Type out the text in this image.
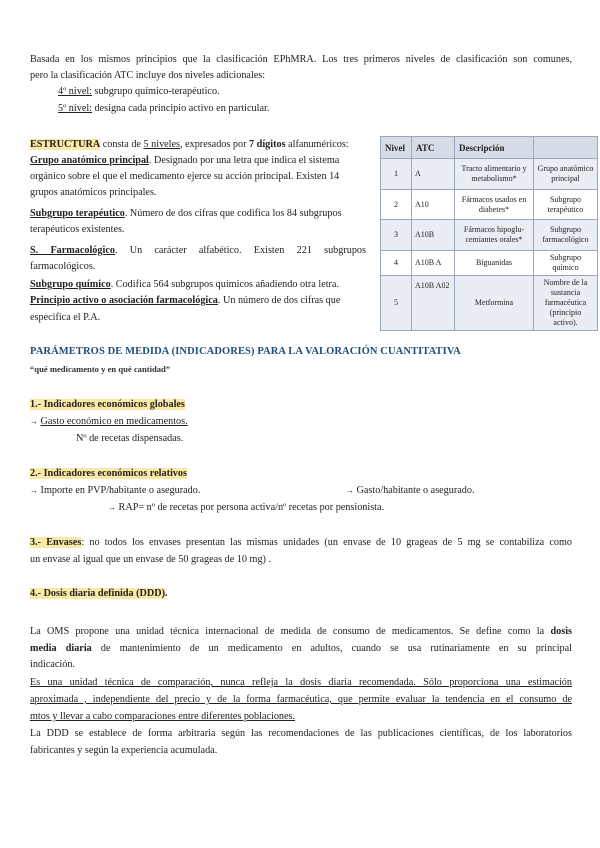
Basada en los mismos principios que la clasificación EPhMRA. Los tres primeros niveles de clasificación son comunes,
pero la clasificación ATC incluye dos niveles adicionales:
4º nivel: subgrupo químico-terapéutico.
5º nivel: designa cada principio activo en particular.
ESTRUCTURA consta de 5 niveles, expresados por 7 dígitos alfanuméricos:
Grupo anatómico principal. Designado por una letra que indica el sistema
orgánico sobre el que el medicamento ejerce su acción principal. Existen 14
grupos anatómicos principales.
Subgrupo terapéutico. Número de dos cifras que codifica los 84 subgrupos
terapéuticos existentes.
S. Farmacológico. Un carácter alfabético. Existen 221 subgrupos
farmacológicos.
Subgrupo químico. Codifica 564 subgrupos químicos añadiendo otra letra.
Principio activo o asociación farmacológica. Un número de dos cifras que
especifica el P.A.
Nivel	ATC	Descripción	
1	A	Tracto alimentario y metabolismo*	Grupo anatómico principal
2	A10	Fármacos usados en diabetes*	Subgrupo terapéutico
3	A10B	Fármacos hipoglu-cemiantes orales*	Subgrupo farmacológico
4	A10B A	Biguanidas	Subgrupo químico
5	A10B A02	Metformina	Nombre de la sustancia farmacéutica (principio activo).
PARÁMETROS DE MEDIDA (INDICADORES) PARA LA VALORACIÓN CUANTITATIVA
“qué medicamento y en qué cantidad”
1.- Indicadores económicos globales
→ Gasto económico en medicamentos.
Nº de recetas dispensadas.
2.- Indicadores económicos relativos
→ Importe en PVP/habitante o asegurado.	→ Gasto/habitante o asegurado.
→ RAP= nº de recetas por persona activa/nº recetas por pensionista.
3.- Envases: no todos los envases presentan las mismas unidades (un envase de 10 grageas de 5 mg se contabiliza como
un envase al igual que un envase de 50 grageas de 10 mg) .
4.- Dosis diaria definida (DDD).
La OMS propone una unidad técnica internacional de medida de consumo de medicamentos. Se define como la dosis
media diaria de mantenimiento de un medicamento en adultos, cuando se usa rutinariamente en su principal
indicación.
Es una unidad técnica de comparación, nunca refleja la dosis diaria recomendada. Sólo proporciona una estimación
aproximada , independiente del precio y de la forma farmacéutica, que permite evaluar la tendencia en el consumo de
mtos y llevar a cabo comparaciones entre diferentes poblaciones.
La DDD se establece de forma arbitraria según las recomendaciones de las publicaciones científicas, de los laboratorios
fabricantes y según la experiencia acumulada.
